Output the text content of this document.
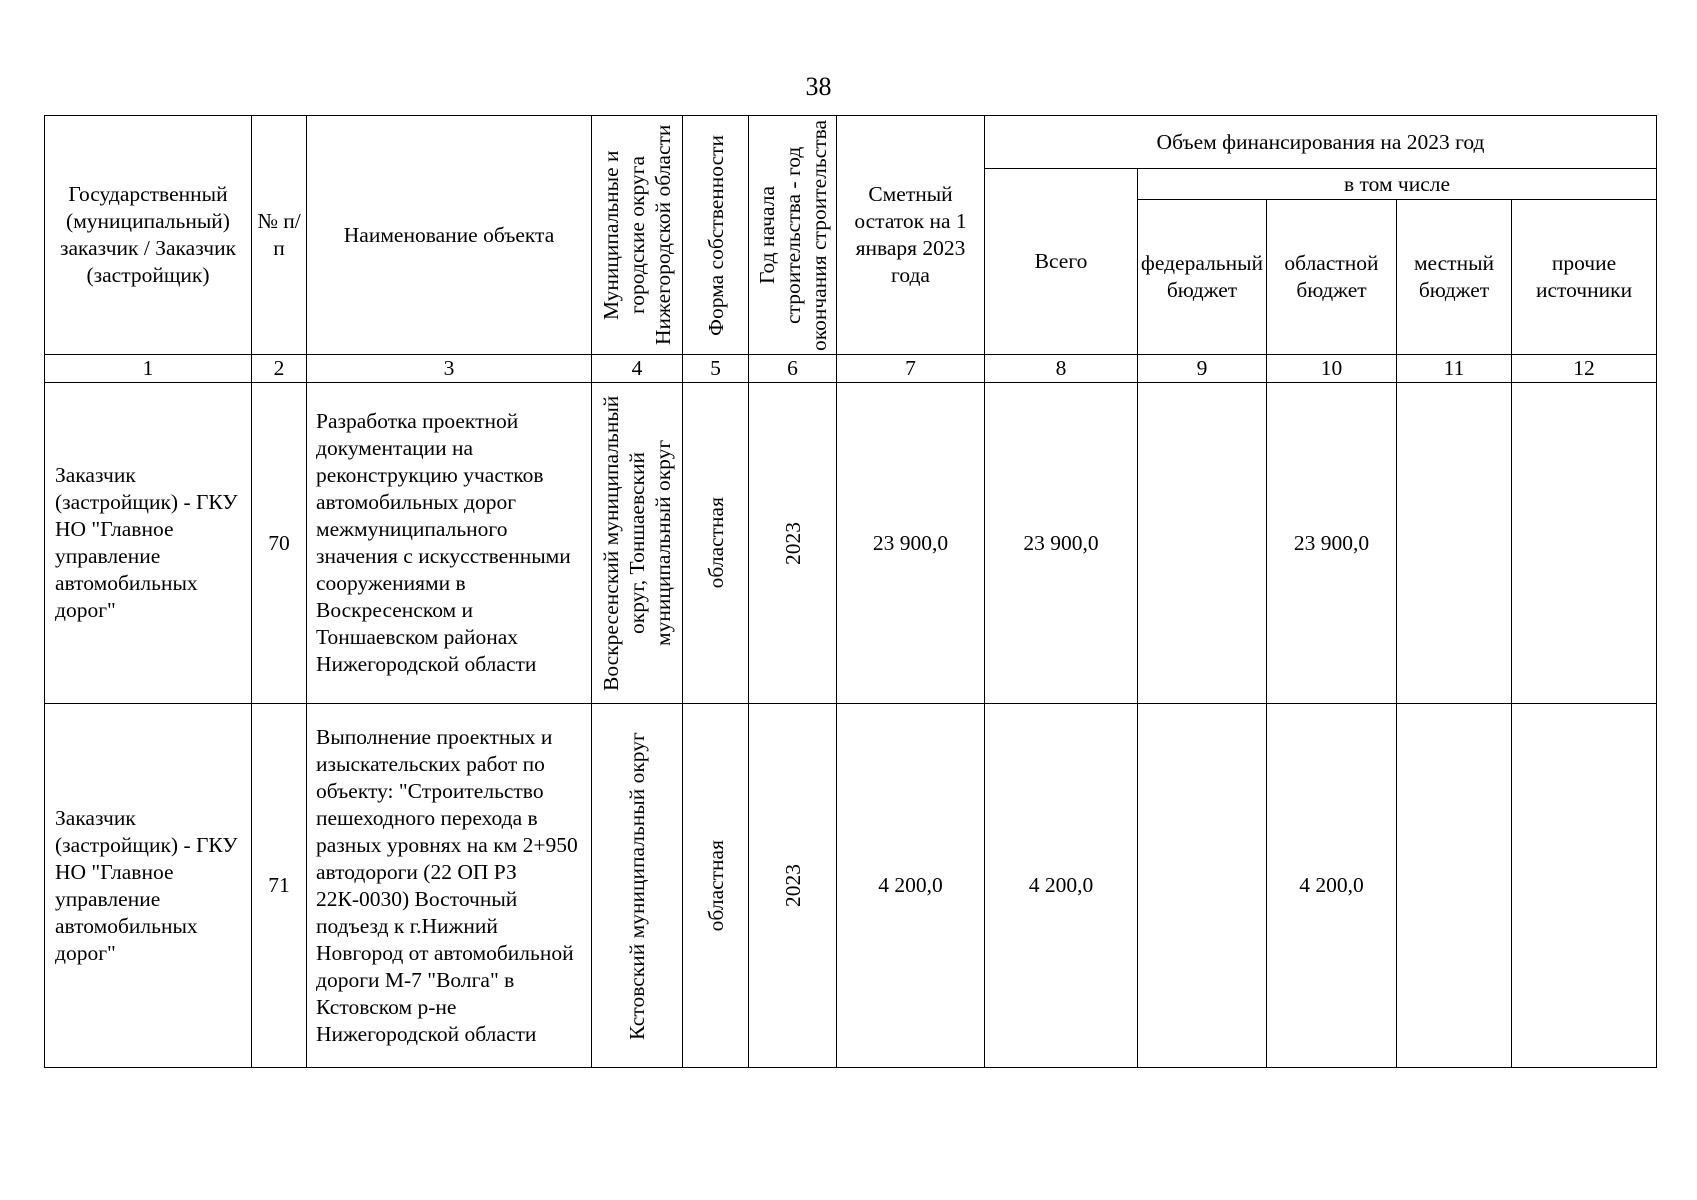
38
Государственный (муниципальный) заказчик / Заказчик (застройщик)	№ п/п	Наименование объекта	Муниципальные и городские округа Нижегородской области	Форма собственности	Год начала строительства - год окончания строительства	Сметный остаток на 1 января 2023 года	Объем финансирования на 2023 год				
							Всего	в том числе			
								федеральный бюджет	областной бюджет	местный бюджет	прочие источники
1	2	3	4	5	6	7	8	9	10	11	12
Заказчик (застройщик) - ГКУ НО "Главное управление автомобильных дорог"	70	Разработка проектной документации на реконструкцию участков автомобильных дорог межмуниципального значения с искусственными сооружениями в Воскресенском и Тоншаевском районах Нижегородской области	Воскресенский муниципальный округ, Тоншаевский муниципальный округ	областная	2023	23 900,0	23 900,0		23 900,0		
Заказчик (застройщик) - ГКУ НО "Главное управление автомобильных дорог"	71	Выполнение проектных и изыскательских работ по объекту: "Строительство пешеходного перехода в разных уровнях на км 2+950 автодороги (22 ОП РЗ 22К-0030) Восточный подъезд к г.Нижний Новгород от автомобильной дороги М-7 "Волга" в Кстовском р-не Нижегородской области	Кстовский муниципальный округ	областная	2023	4 200,0	4 200,0		4 200,0		
